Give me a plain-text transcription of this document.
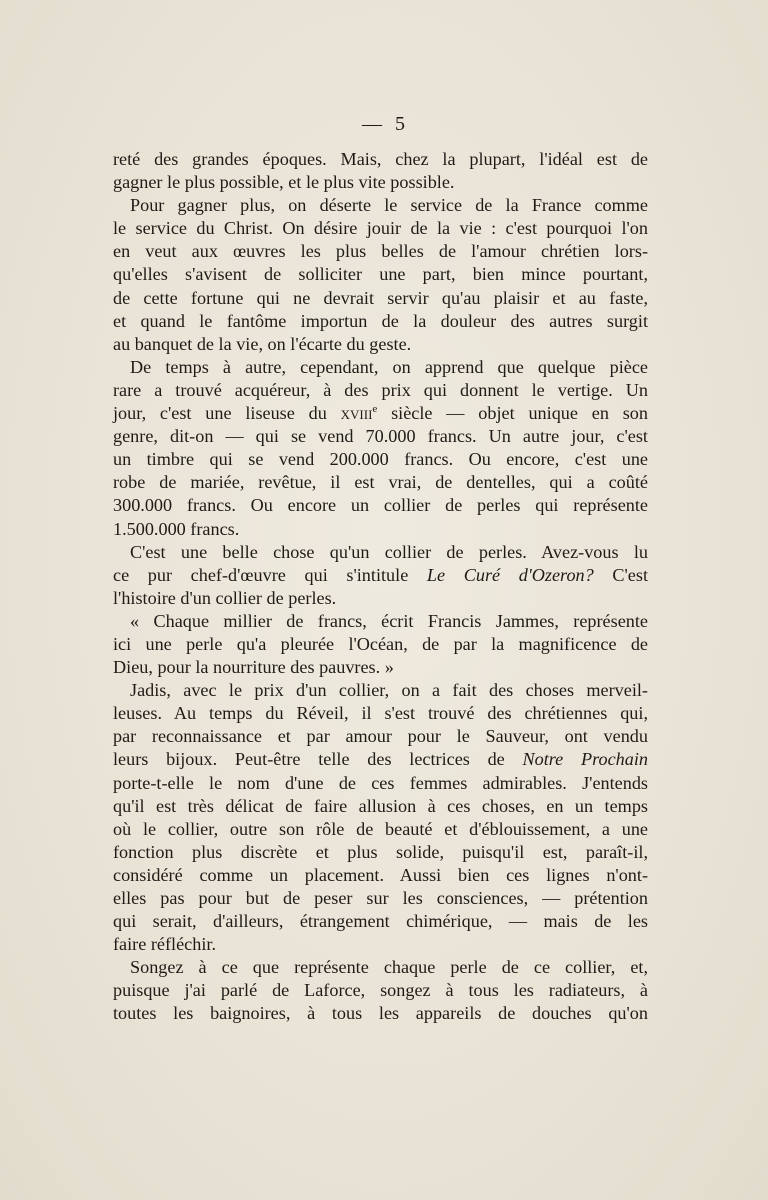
— 5
reté des grandes époques. Mais, chez la plupart, l'idéal est de
gagner le plus possible, et le plus vite possible.
Pour gagner plus, on déserte le service de la France comme
le service du Christ. On désire jouir de la vie : c'est pourquoi l'on
en veut aux œuvres les plus belles de l'amour chrétien lors-
qu'elles s'avisent de solliciter une part, bien mince pourtant,
de cette fortune qui ne devrait servir qu'au plaisir et au faste,
et quand le fantôme importun de la douleur des autres surgit
au banquet de la vie, on l'écarte du geste.
De temps à autre, cependant, on apprend que quelque pièce
rare a trouvé acquéreur, à des prix qui donnent le vertige. Un
jour, c'est une liseuse du xviii$^e$ siècle — objet unique en son
genre, dit-on — qui se vend 70.000 francs. Un autre jour, c'est
un timbre qui se vend 200.000 francs. Ou encore, c'est une
robe de mariée, revêtue, il est vrai, de dentelles, qui a coûté
300.000 francs. Ou encore un collier de perles qui représente
1.500.000 francs.
C'est une belle chose qu'un collier de perles. Avez-vous lu
ce pur chef-d'œuvre qui s'intitule Le Curé d'Ozeron? C'est
l'histoire d'un collier de perles.
« Chaque millier de francs, écrit Francis Jammes, représente
ici une perle qu'a pleurée l'Océan, de par la magnificence de
Dieu, pour la nourriture des pauvres. »
Jadis, avec le prix d'un collier, on a fait des choses merveil-
leuses. Au temps du Réveil, il s'est trouvé des chrétiennes qui,
par reconnaissance et par amour pour le Sauveur, ont vendu
leurs bijoux. Peut-être telle des lectrices de Notre Prochain
porte-t-elle le nom d'une de ces femmes admirables. J'entends
qu'il est très délicat de faire allusion à ces choses, en un temps
où le collier, outre son rôle de beauté et d'éblouissement, a une
fonction plus discrète et plus solide, puisqu'il est, paraît-il,
considéré comme un placement. Aussi bien ces lignes n'ont-
elles pas pour but de peser sur les consciences, — prétention
qui serait, d'ailleurs, étrangement chimérique, — mais de les
faire réfléchir.
Songez à ce que représente chaque perle de ce collier, et,
puisque j'ai parlé de Laforce, songez à tous les radiateurs, à
toutes les baignoires, à tous les appareils de douches qu'on
